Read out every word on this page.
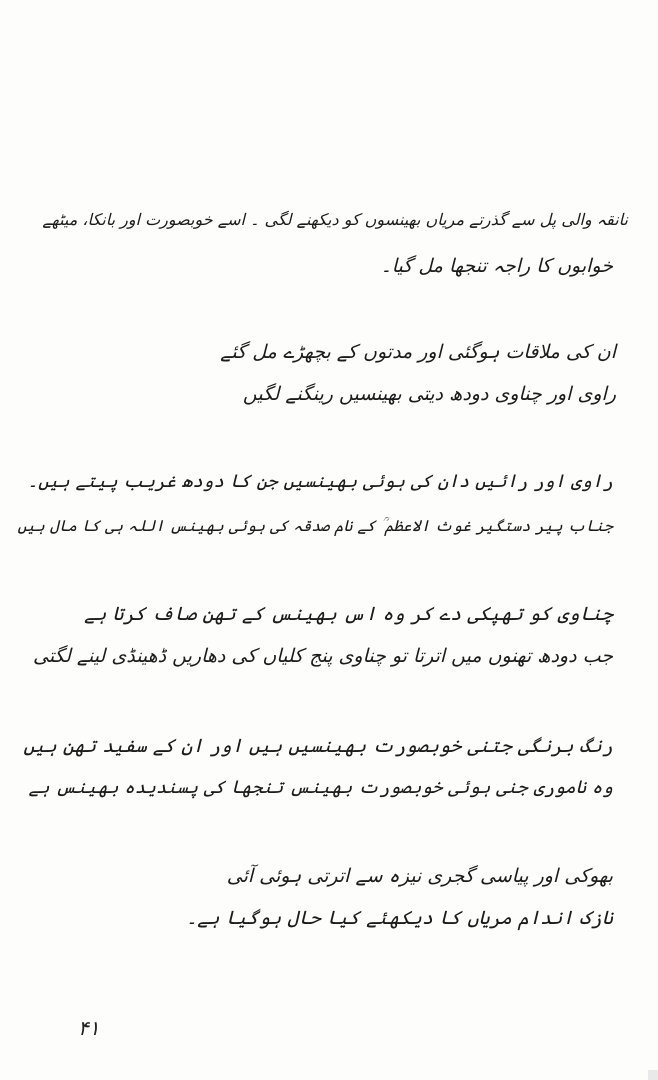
نانقہ والی پل سے گذرتے مریاں بھینسوں کو دیکھنے لگی ۔ اسے خوبصورت اور بانکا، میٹھے
خوابوں کا راجہ تنجھا مل گیا۔
ان کی ملاقات ہوگئی اور مدتوں کے بچھڑے مل گئے
راوی اور چناوی دودھ دیتی بھینسیں رینگنے لگیں
راوی اور رائیں دان کی ہوئی بھینسیں جن کا دودھ غریب پیتے ہیں۔
جناب پیر دستگیر غوث الاعظم ؒ کے نام صدقہ کی ہوئی بھینس اللہ ہی کا مال ہیں
چناوی کو تھپکی دے کر وہ اس بھینس کے تھن صاف کرتا ہے
جب دودھ تھنوں میں اترتا تو چناوی پنج کلیاں کی دھاریں ڈھینڈی لینے لگتی
رنگ برنگی جتنی خوبصورت بھینسیں ہیں اور ان کے سفید تھن ہیں
وہ ناموری جنی ہوئی خوبصورت بھینس تنجھا کی پسندیدہ بھینس ہے
بھوکی اور پیاسی گجری نیزہ سے اترتی ہوئی آئی
نازک اندام مریاں کا دیکھئے کیا حال ہوگیا ہے۔
۴۱
